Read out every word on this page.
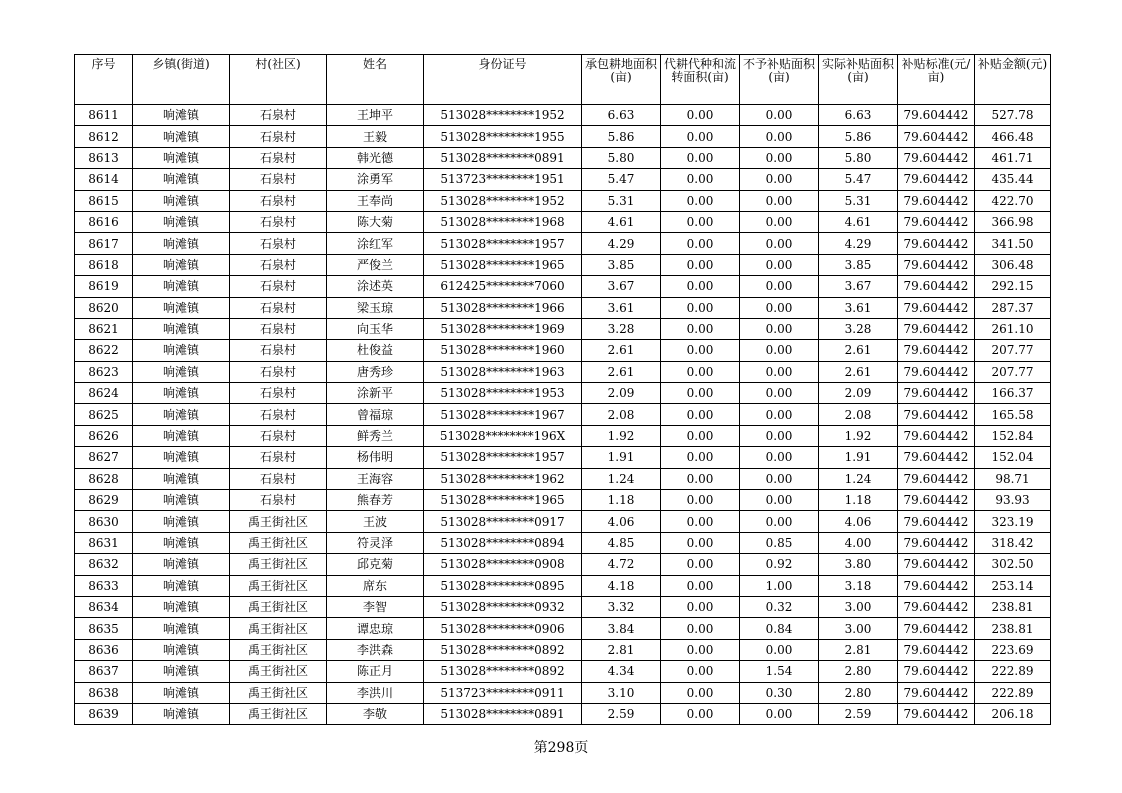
序号	乡镇(街道)	村(社区)	姓名	身份证号	承包耕地面积(亩)	代耕代种和流转面积(亩)	不予补贴面积(亩)	实际补贴面积(亩)	补贴标准(元/亩)	补贴金额(元)
8611	响滩镇	石泉村	王坤平	513028********1952	6.63	0.00	0.00	6.63	79.604442	527.78
8612	响滩镇	石泉村	王毅	513028********1955	5.86	0.00	0.00	5.86	79.604442	466.48
8613	响滩镇	石泉村	韩光德	513028********0891	5.80	0.00	0.00	5.80	79.604442	461.71
8614	响滩镇	石泉村	涂勇军	513723********1951	5.47	0.00	0.00	5.47	79.604442	435.44
8615	响滩镇	石泉村	王奉尚	513028********1952	5.31	0.00	0.00	5.31	79.604442	422.70
8616	响滩镇	石泉村	陈大菊	513028********1968	4.61	0.00	0.00	4.61	79.604442	366.98
8617	响滩镇	石泉村	涂红军	513028********1957	4.29	0.00	0.00	4.29	79.604442	341.50
8618	响滩镇	石泉村	严俊兰	513028********1965	3.85	0.00	0.00	3.85	79.604442	306.48
8619	响滩镇	石泉村	涂述英	612425********7060	3.67	0.00	0.00	3.67	79.604442	292.15
8620	响滩镇	石泉村	梁玉琼	513028********1966	3.61	0.00	0.00	3.61	79.604442	287.37
8621	响滩镇	石泉村	向玉华	513028********1969	3.28	0.00	0.00	3.28	79.604442	261.10
8622	响滩镇	石泉村	杜俊益	513028********1960	2.61	0.00	0.00	2.61	79.604442	207.77
8623	响滩镇	石泉村	唐秀珍	513028********1963	2.61	0.00	0.00	2.61	79.604442	207.77
8624	响滩镇	石泉村	涂新平	513028********1953	2.09	0.00	0.00	2.09	79.604442	166.37
8625	响滩镇	石泉村	曾福琼	513028********1967	2.08	0.00	0.00	2.08	79.604442	165.58
8626	响滩镇	石泉村	鲜秀兰	513028********196X	1.92	0.00	0.00	1.92	79.604442	152.84
8627	响滩镇	石泉村	杨伟明	513028********1957	1.91	0.00	0.00	1.91	79.604442	152.04
8628	响滩镇	石泉村	王海容	513028********1962	1.24	0.00	0.00	1.24	79.604442	98.71
8629	响滩镇	石泉村	熊春芳	513028********1965	1.18	0.00	0.00	1.18	79.604442	93.93
8630	响滩镇	禹王街社区	王波	513028********0917	4.06	0.00	0.00	4.06	79.604442	323.19
8631	响滩镇	禹王街社区	符灵泽	513028********0894	4.85	0.00	0.85	4.00	79.604442	318.42
8632	响滩镇	禹王街社区	邱克菊	513028********0908	4.72	0.00	0.92	3.80	79.604442	302.50
8633	响滩镇	禹王街社区	席东	513028********0895	4.18	0.00	1.00	3.18	79.604442	253.14
8634	响滩镇	禹王街社区	李智	513028********0932	3.32	0.00	0.32	3.00	79.604442	238.81
8635	响滩镇	禹王街社区	谭忠琼	513028********0906	3.84	0.00	0.84	3.00	79.604442	238.81
8636	响滩镇	禹王街社区	李洪森	513028********0892	2.81	0.00	0.00	2.81	79.604442	223.69
8637	响滩镇	禹王街社区	陈正月	513028********0892	4.34	0.00	1.54	2.80	79.604442	222.89
8638	响滩镇	禹王街社区	李洪川	513723********0911	3.10	0.00	0.30	2.80	79.604442	222.89
8639	响滩镇	禹王街社区	李敬	513028********0891	2.59	0.00	0.00	2.59	79.604442	206.18
第298页
